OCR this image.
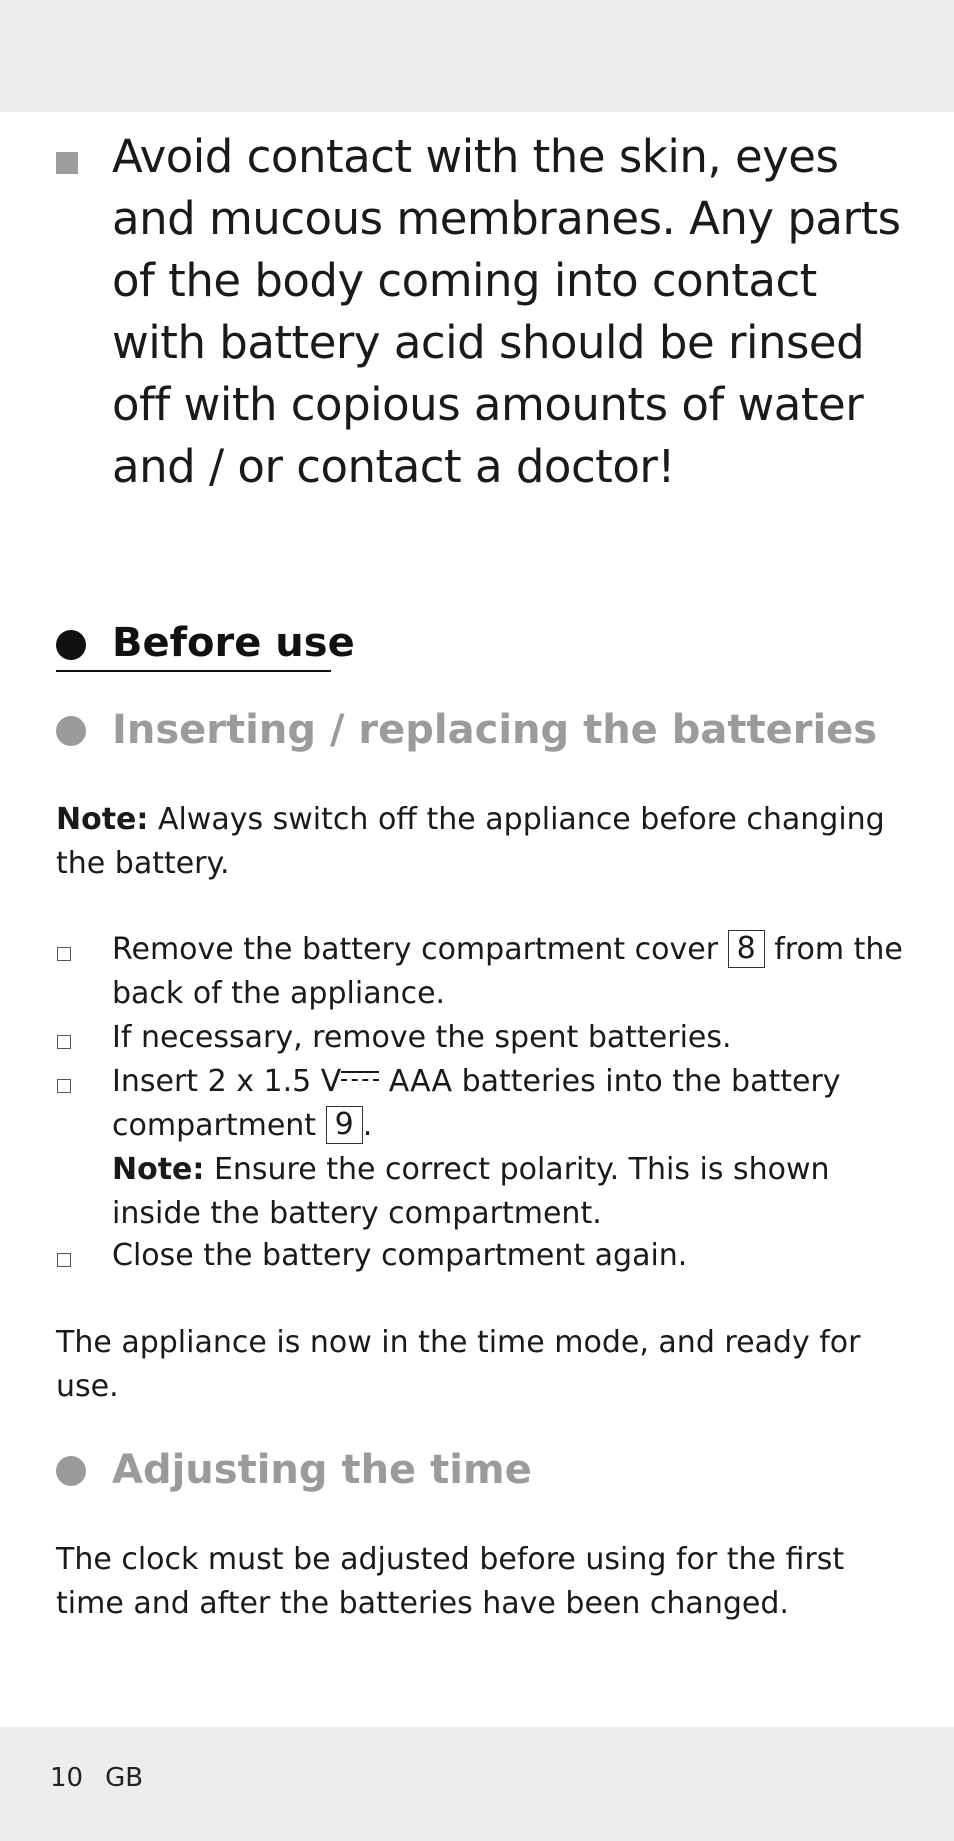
Avoid contact with the skin, eyes and mucous membranes. Any parts of the body coming into contact with battery acid should be rinsed off with copious amounts of water and / or contact a doctor!
Before use
Inserting / replacing the batteries
Note: Always switch off the appliance before changing the battery.
Remove the battery compartment cover 8 from the back of the appliance.
If necessary, remove the spent batteries.
Insert 2 x 1.5 V AAA batteries into the battery compartment 9 .
Note: Ensure the correct polarity. This is shown inside the battery compartment.
Close the battery compartment again.
The appliance is now in the time mode, and ready for use.
Adjusting the time
The clock must be adjusted before using for the first time and after the batteries have been changed.
10 GB
